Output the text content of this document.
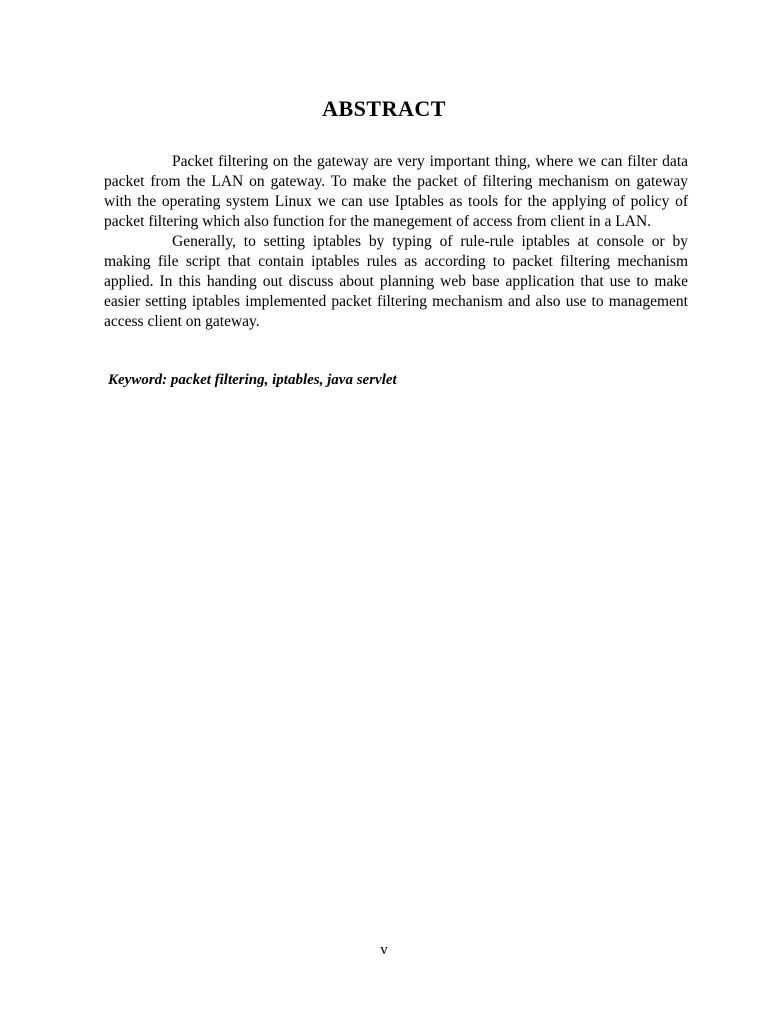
ABSTRACT

Packet filtering on the gateway are very important thing, where we can filter data packet from the LAN on gateway. To make the packet of filtering mechanism on gateway with the operating system Linux we can use Iptables as tools for the applying of policy of packet filtering which also function for the manegement of access from client in a LAN.

Generally, to setting iptables by typing of rule-rule iptables at console or by making file script that contain iptables rules as according to packet filtering mechanism applied. In this handing out discuss about planning web base application that use to make easier setting iptables implemented packet filtering mechanism and also use to management access client on gateway.

Keyword: packet filtering, iptables, java servlet
v
